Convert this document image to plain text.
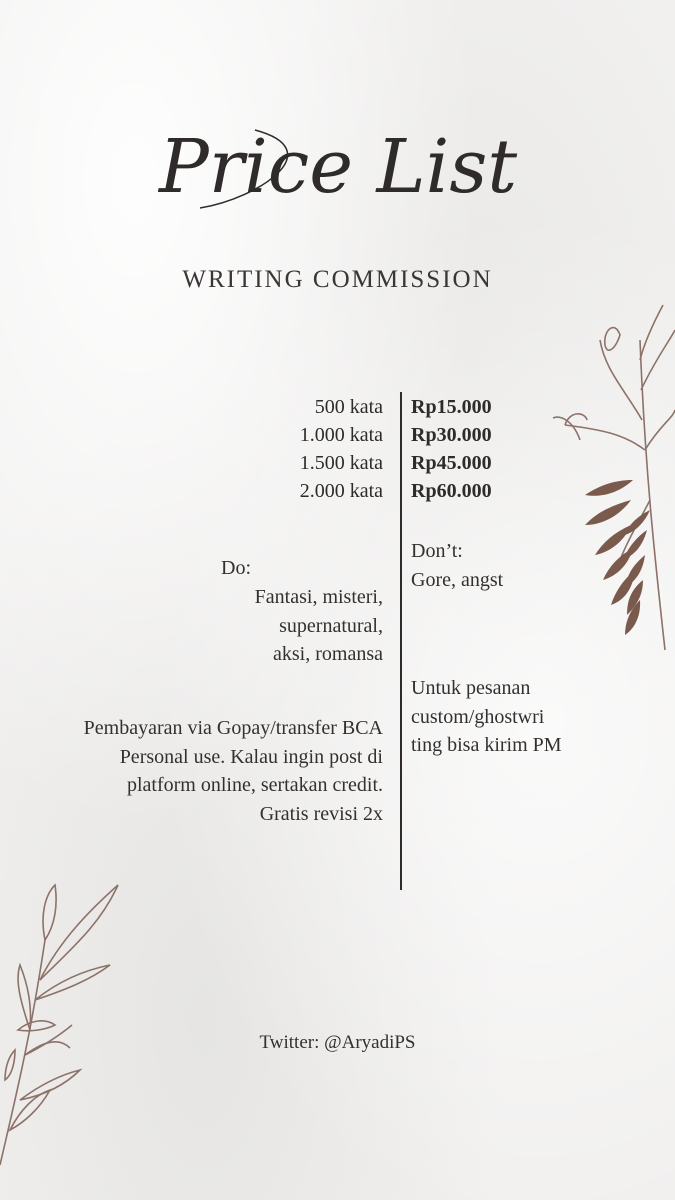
Price List
WRITING COMMISSION
500 kata Rp15.000
1.000 kata Rp30.000
1.500 kata Rp45.000
2.000 kata Rp60.000
Do:
Fantasi, misteri,
supernatural,
aksi, romansa
Don’t:
Gore, angst
Untuk pesanan
custom/ghostwri
ting bisa kirim PM
Pembayaran via Gopay/transfer BCA
Personal use. Kalau ingin post di
platform online, sertakan credit.
Gratis revisi 2x
Twitter: @AryadiPS
